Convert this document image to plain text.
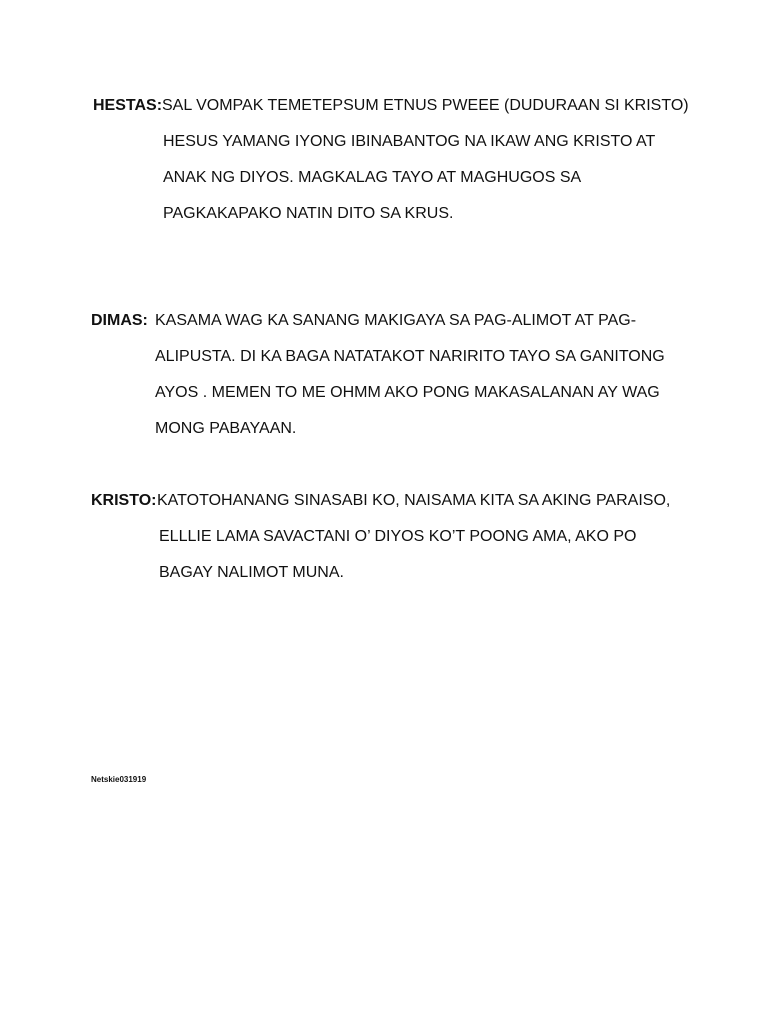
HESTAS: SAL VOMPAK TEMETEPSUM ETNUS PWEEE (DUDURAAN SI KRISTO)
HESUS YAMANG IYONG IBINABANTOG NA IKAW ANG KRISTO AT
ANAK NG DIYOS. MAGKALAG TAYO AT MAGHUGOS SA
PAGKAKAPAKO NATIN DITO SA KRUS.
DIMAS: KASAMA WAG KA SANANG MAKIGAYA SA PAG-ALIMOT AT PAG-
ALIPUSTA. DI KA BAGA NATATAKOT NARIRITO TAYO SA GANITONG
AYOS . MEMEN TO ME OHMM AKO PONG MAKASALANAN AY WAG
MONG PABAYAAN.
KRISTO: KATOTOHANANG SINASABI KO, NAISAMA KITA SA AKING PARAISO,
ELLLIE LAMA SAVACTANI O’ DIYOS KO’T POONG AMA, AKO PO
BAGAY NALIMOT MUNA.
Netskie031919
